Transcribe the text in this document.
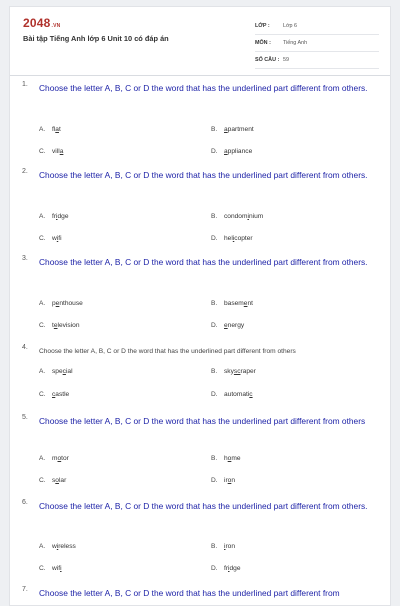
2048.VN
Bài tập Tiếng Anh lớp 6 Unit 10 có đáp án
LỚP :	Lớp 6
MÔN :	Tiếng Anh
SỐ CÂU : 59
1. Choose the letter A, B, C or D the word that has the underlined part different from others.
A. flat	B. apartment
C. villa	D. appliance
2. Choose the letter A, B, C or D the word that has the underlined part different from others.
A. fridge	B. condominium
C. wifi	D. helicopter
3. Choose the letter A, B, C or D the word that has the underlined part different from others.
A. penthouse	B. basement
C. television	D. energy
4.
Choose the letter A, B, C or D the word that has the underlined part different from others
A. special	B. skyscraper
C. castle	D. automatic
5. Choose the letter A, B, C or D the word that has the underlined part different from others
A. motor	B. home
C. solar	D. iron
6. Choose the letter A, B, C or D the word that has the underlined part different from others.
A. wireless	B. iron
C. wifi	D. fridge
7. Choose the letter A, B, C or D the word that has the underlined part different from
